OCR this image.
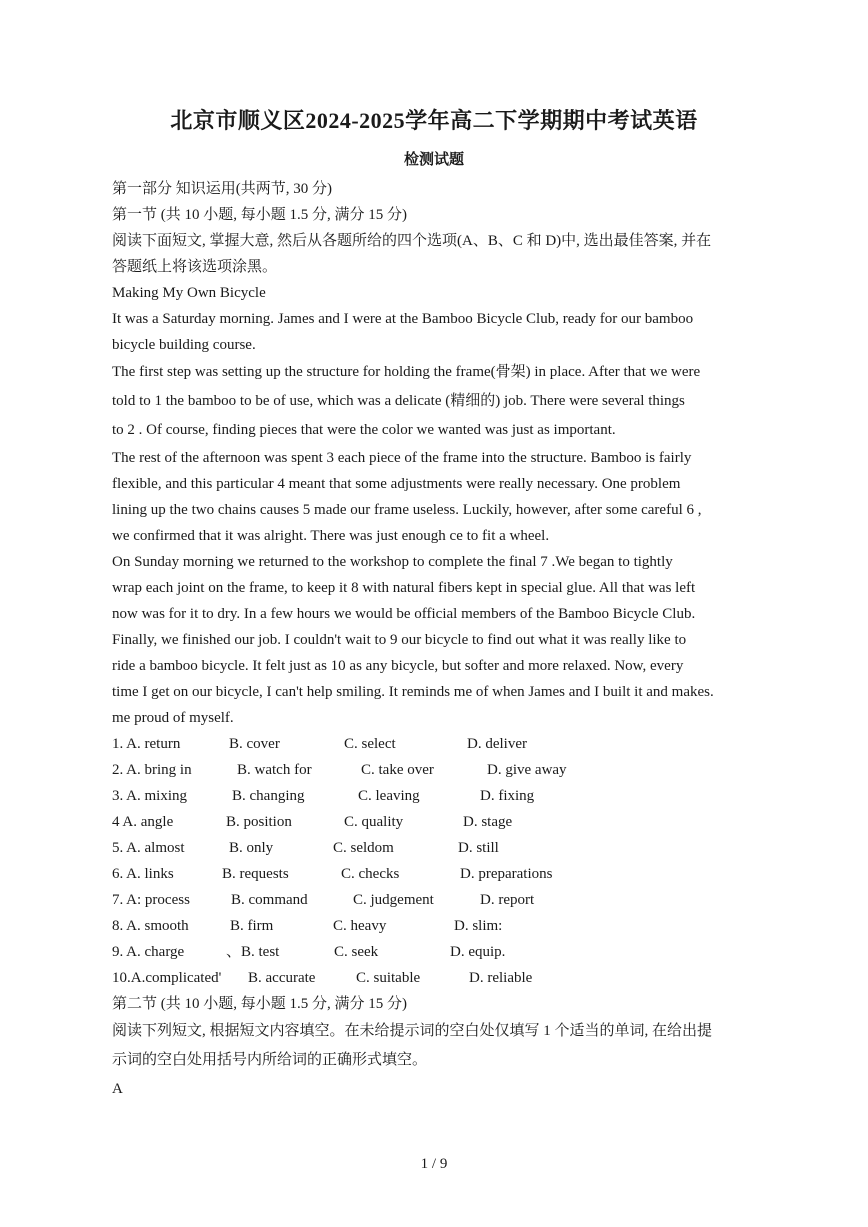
北京市顺义区2024-2025学年高二下学期期中考试英语
检测试题
第一部分 知识运用(共两节, 30 分)
第一节 (共 10 小题, 每小题 1.5 分, 满分 15 分)
阅读下面短文, 掌握大意, 然后从各题所给的四个选项(A、B、C 和 D)中, 选出最佳答案, 并在
答题纸上将该选项涂黑。
Making My Own Bicycle
It was a Saturday morning. James and I were at the Bamboo Bicycle Club, ready for our bamboo
bicycle building course.
The first step was setting up the structure for holding the frame(骨架) in place. After that we were
told to 1 the bamboo to be of use, which was a delicate (精细的) job. There were several things
to 2 . Of course, finding pieces that were the color we wanted was just as important.
The rest of the afternoon was spent 3 each piece of the frame into the structure. Bamboo is fairly
flexible, and this particular 4 meant that some adjustments were really necessary. One problem
lining up the two chains causes 5 made our frame useless. Luckily, however, after some careful 6 ,
we confirmed that it was alright. There was just enough ce to fit a wheel.
On Sunday morning we returned to the workshop to complete the final 7 .We began to tightly
wrap each joint on the frame, to keep it 8 with natural fibers kept in special glue. All that was left
now was for it to dry. In a few hours we would be official members of the Bamboo Bicycle Club.
Finally, we finished our job. I couldn't wait to 9 our bicycle to find out what it was really like to
ride a bamboo bicycle. It felt just as 10 as any bicycle, but softer and more relaxed. Now, every
time I get on our bicycle, I can't help smiling. It reminds me of when James and I built it and makes.
me proud of myself.
1. A. return	B. cover	C. select	D. deliver
2. A. bring in	B. watch for	C. take over	D. give away
3. A. mixing	B. changing	C. leaving	D. fixing
4 A. angle	B. position	C. quality	D. stage
5. A. almost	B. only	C. seldom	D. still
6. A. links	B. requests	C. checks	D. preparations
7. A: process	B. command	C. judgement	D. report
8. A. smooth	B. firm	C. heavy	D. slim:
9. A. charge	、B. test	C. seek	D. equip.
10.A.complicated' B. accurate	C. suitable	D. reliable
第二节 (共 10 小题, 每小题 1.5 分, 满分 15 分)
阅读下列短文, 根据短文内容填空。在未给提示词的空白处仅填写 1 个适当的单词, 在给出提
示词的空白处用括号内所给词的正确形式填空。
A
1 / 9
